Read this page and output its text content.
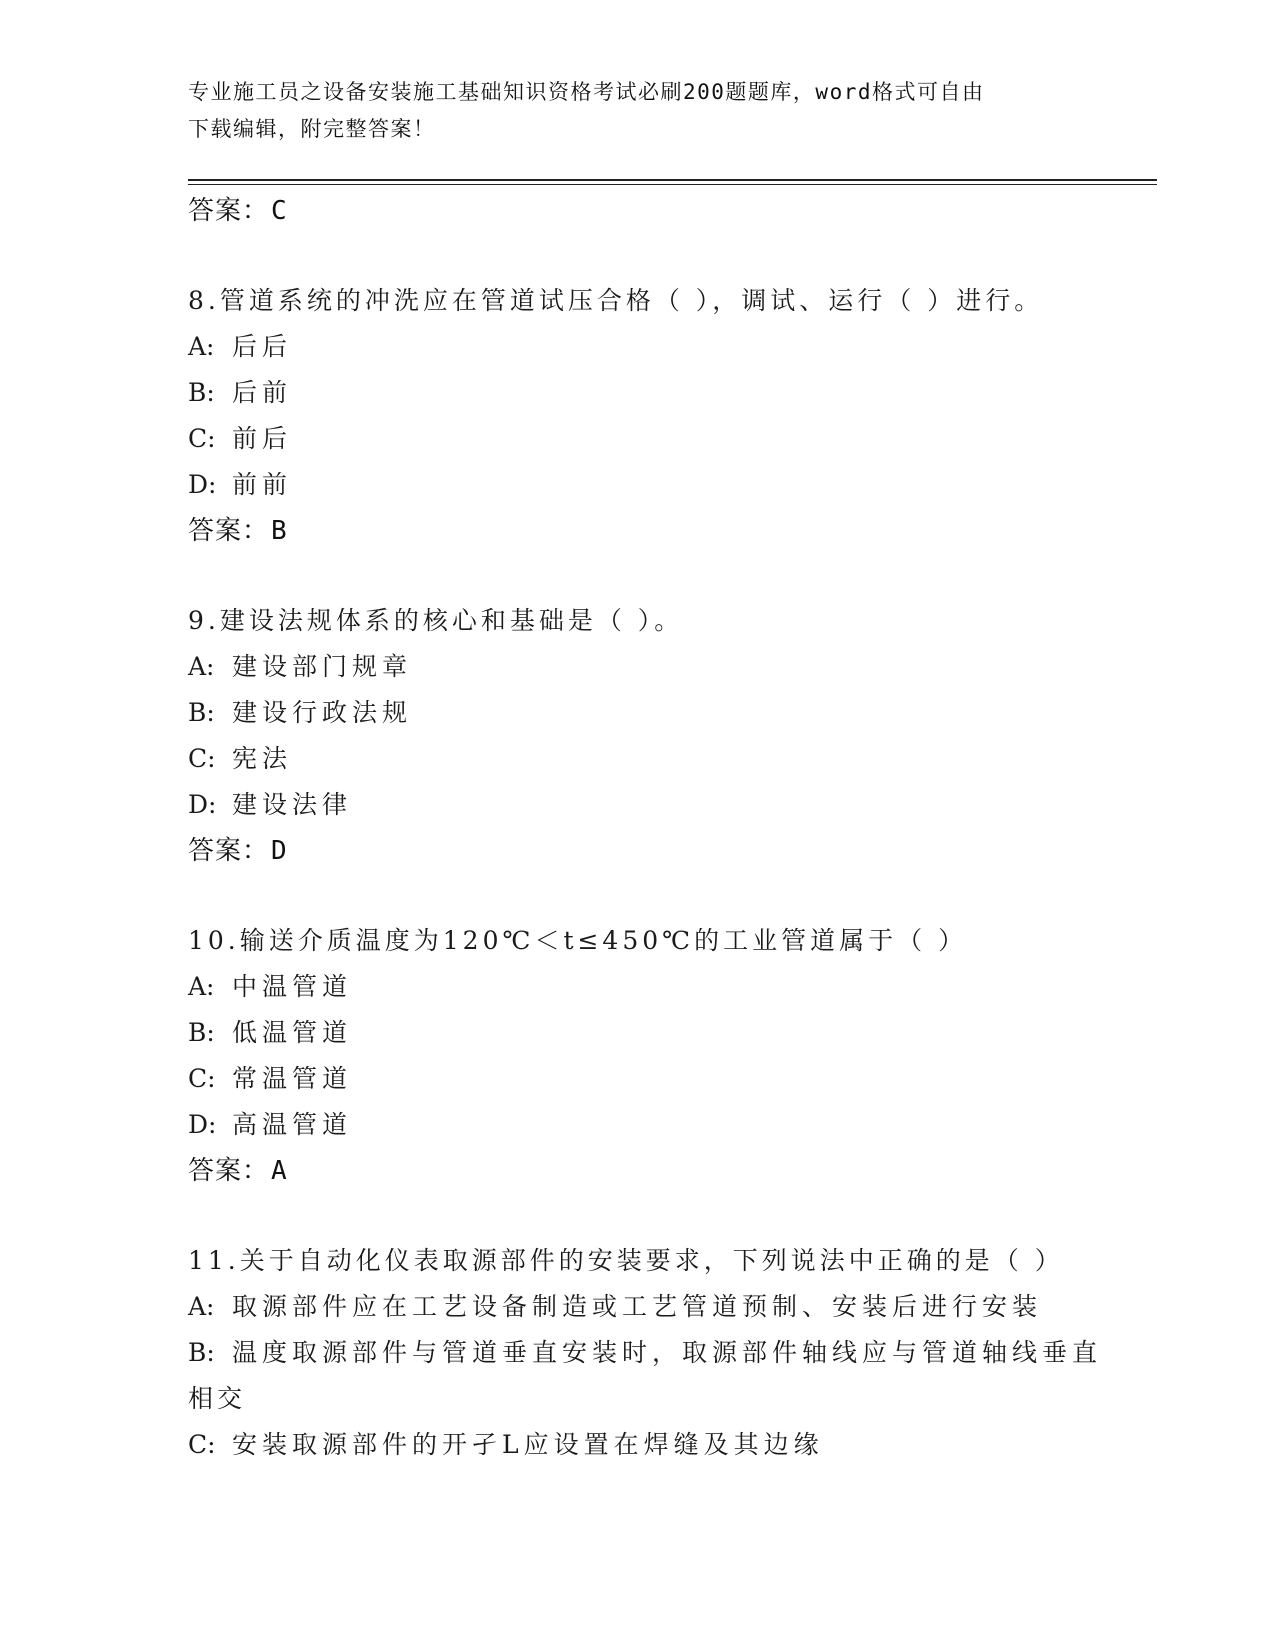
专业施工员之设备安装施工基础知识资格考试必刷200题题库，word格式可自由
下载编辑，附完整答案！
答案：C
8.管道系统的冲洗应在管道试压合格（ ），调试、运行（ ）进行。
A: 后后
B: 后前
C: 前后
D: 前前
答案：B
9.建设法规体系的核心和基础是（ ）。
A: 建设部门规章
B: 建设行政法规
C: 宪法
D: 建设法律
答案：D
10.输送介质温度为120℃＜t≤450℃的工业管道属于（ ）
A: 中温管道
B: 低温管道
C: 常温管道
D: 高温管道
答案：A
11.关于自动化仪表取源部件的安装要求，下列说法中正确的是（ ）
A: 取源部件应在工艺设备制造或工艺管道预制、安装后进行安装
B: 温度取源部件与管道垂直安装时，取源部件轴线应与管道轴线垂直
相交
C: 安装取源部件的开孑L应设置在焊缝及其边缘
